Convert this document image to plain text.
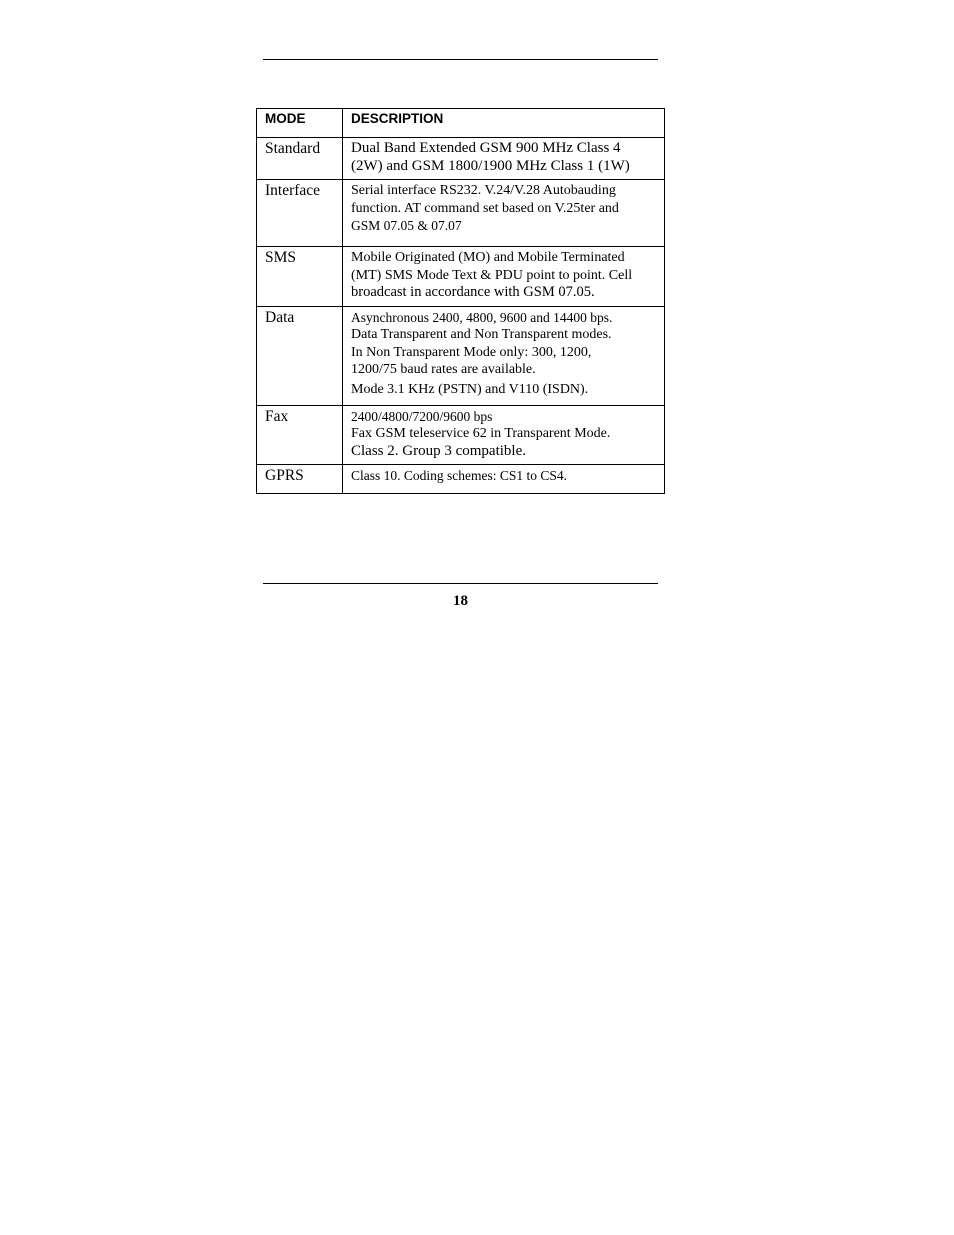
MODE	DESCRIPTION
Standard	Dual Band Extended GSM 900 MHz Class 4
(2W) and GSM 1800/1900 MHz Class 1 (1W)

Interface	Serial interface RS232. V.24/V.28 Autobauding
function. AT command set based on V.25ter and
GSM 07.05 & 07.07

SMS	Mobile Originated (MO) and Mobile Terminated
(MT) SMS Mode Text & PDU point to point. Cell
broadcast in accordance with GSM 07.05.

Data	Asynchronous 2400, 4800, 9600 and 14400 bps.
Data Transparent and Non Transparent modes.
In Non Transparent Mode only: 300, 1200,
1200/75 baud rates are available.
Mode 3.1 KHz (PSTN) and V110 (ISDN).

Fax	2400/4800/7200/9600 bps
Fax GSM teleservice 62 in Transparent Mode.
Class 2. Group 3 compatible.

GPRS	Class 10. Coding schemes: CS1 to CS4.
18
